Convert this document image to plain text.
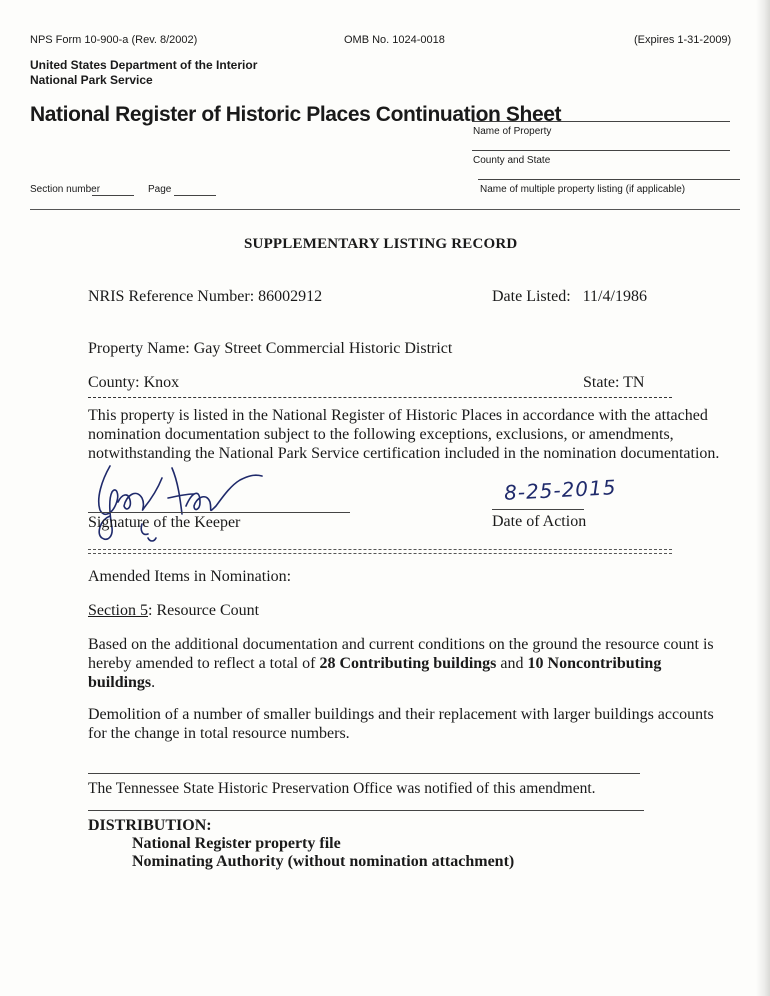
NPS Form 10-900-a (Rev. 8/2002)	OMB No. 1024-0018	(Expires 1-31-2009)
United States Department of the Interior
National Park Service
National Register of Historic Places Continuation Sheet
Name of Property
County and State
Name of multiple property listing (if applicable)
Section number	Page
SUPPLEMENTARY LISTING RECORD
NRIS Reference Number: 86002912	Date Listed: 11/4/1986
Property Name: Gay Street Commercial Historic District
County: Knox	State: TN
This property is listed in the National Register of Historic Places in accordance with the attached
nomination documentation subject to the following exceptions, exclusions, or amendments,
notwithstanding the National Park Service certification included in the nomination documentation.
Signature of the Keeper
8-25-2015
Date of Action
Amended Items in Nomination:
Section 5: Resource Count
Based on the additional documentation and current conditions on the ground the resource count is
hereby amended to reflect a total of 28 Contributing buildings and 10 Noncontributing
buildings.
Demolition of a number of smaller buildings and their replacement with larger buildings accounts
for the change in total resource numbers.
The Tennessee State Historic Preservation Office was notified of this amendment.
DISTRIBUTION:
National Register property file
Nominating Authority (without nomination attachment)
